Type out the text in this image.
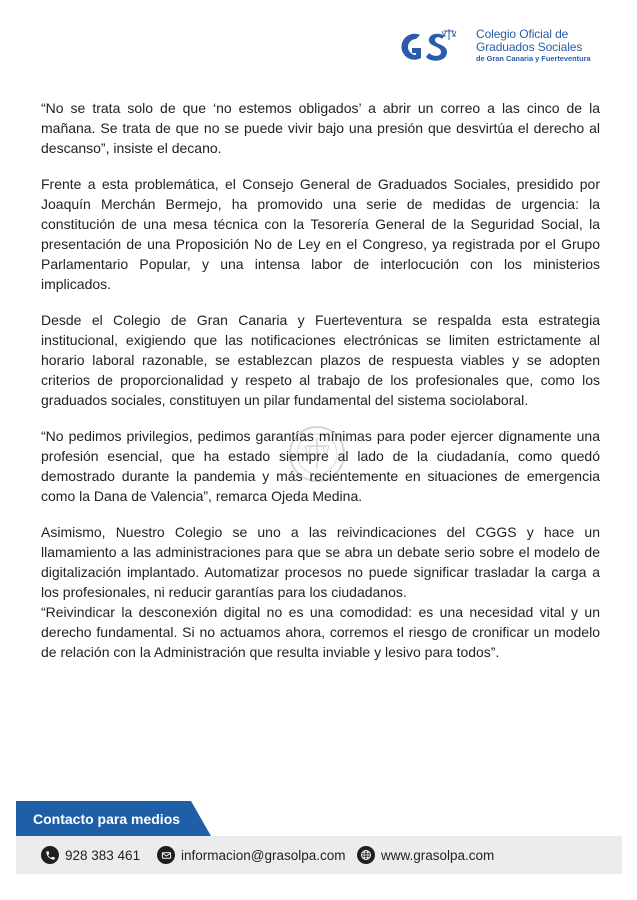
Colegio Oficial de
Graduados Sociales
de Gran Canaria y Fuerteventura

“No se trata solo de que ‘no estemos obligados’ a abrir un correo a las cinco de la mañana. Se trata de que no se puede vivir bajo una presión que desvirtúa el derecho al descanso”, insiste el decano.

Frente a esta problemática, el Consejo General de Graduados Sociales, presidido por Joaquín Merchán Bermejo, ha promovido una serie de medidas de urgencia: la constitución de una mesa técnica con la Tesorería General de la Seguridad Social, la presentación de una Proposición No de Ley en el Congreso, ya registrada por el Grupo Parlamentario Popular, y una intensa labor de interlocución con los ministerios implicados.

Desde el Colegio de Gran Canaria y Fuerteventura se respalda esta estrategia institucional, exigiendo que las notificaciones electrónicas se limiten estrictamente al horario laboral razonable, se establezcan plazos de respuesta viables y se adopten criterios de proporcionalidad y respeto al trabajo de los profesionales que, como los graduados sociales, constituyen un pilar fundamental del sistema sociolaboral.

“No pedimos privilegios, pedimos garantías mínimas para poder ejercer dignamente una profesión esencial, que ha estado siempre al lado de la ciudadanía, como quedó demostrado durante la pandemia y más recientemente en situaciones de emergencia como la Dana de Valencia”, remarca Ojeda Medina.

Asimismo, Nuestro Colegio se uno a las reivindicaciones del CGGS y hace un llamamiento a las administraciones para que se abra un debate serio sobre el modelo de digitalización implantado. Automatizar procesos no puede significar trasladar la carga a los profesionales, ni reducir garantías para los ciudadanos.

“Reivindicar la desconexión digital no es una comodidad: es una necesidad vital y un derecho fundamental. Si no actuamos ahora, corremos el riesgo de cronificar un modelo de relación con la Administración que resulta inviable y lesivo para todos”.

Contacto para medios
928 383 461	informacion@grasolpa.com	www.grasolpa.com
